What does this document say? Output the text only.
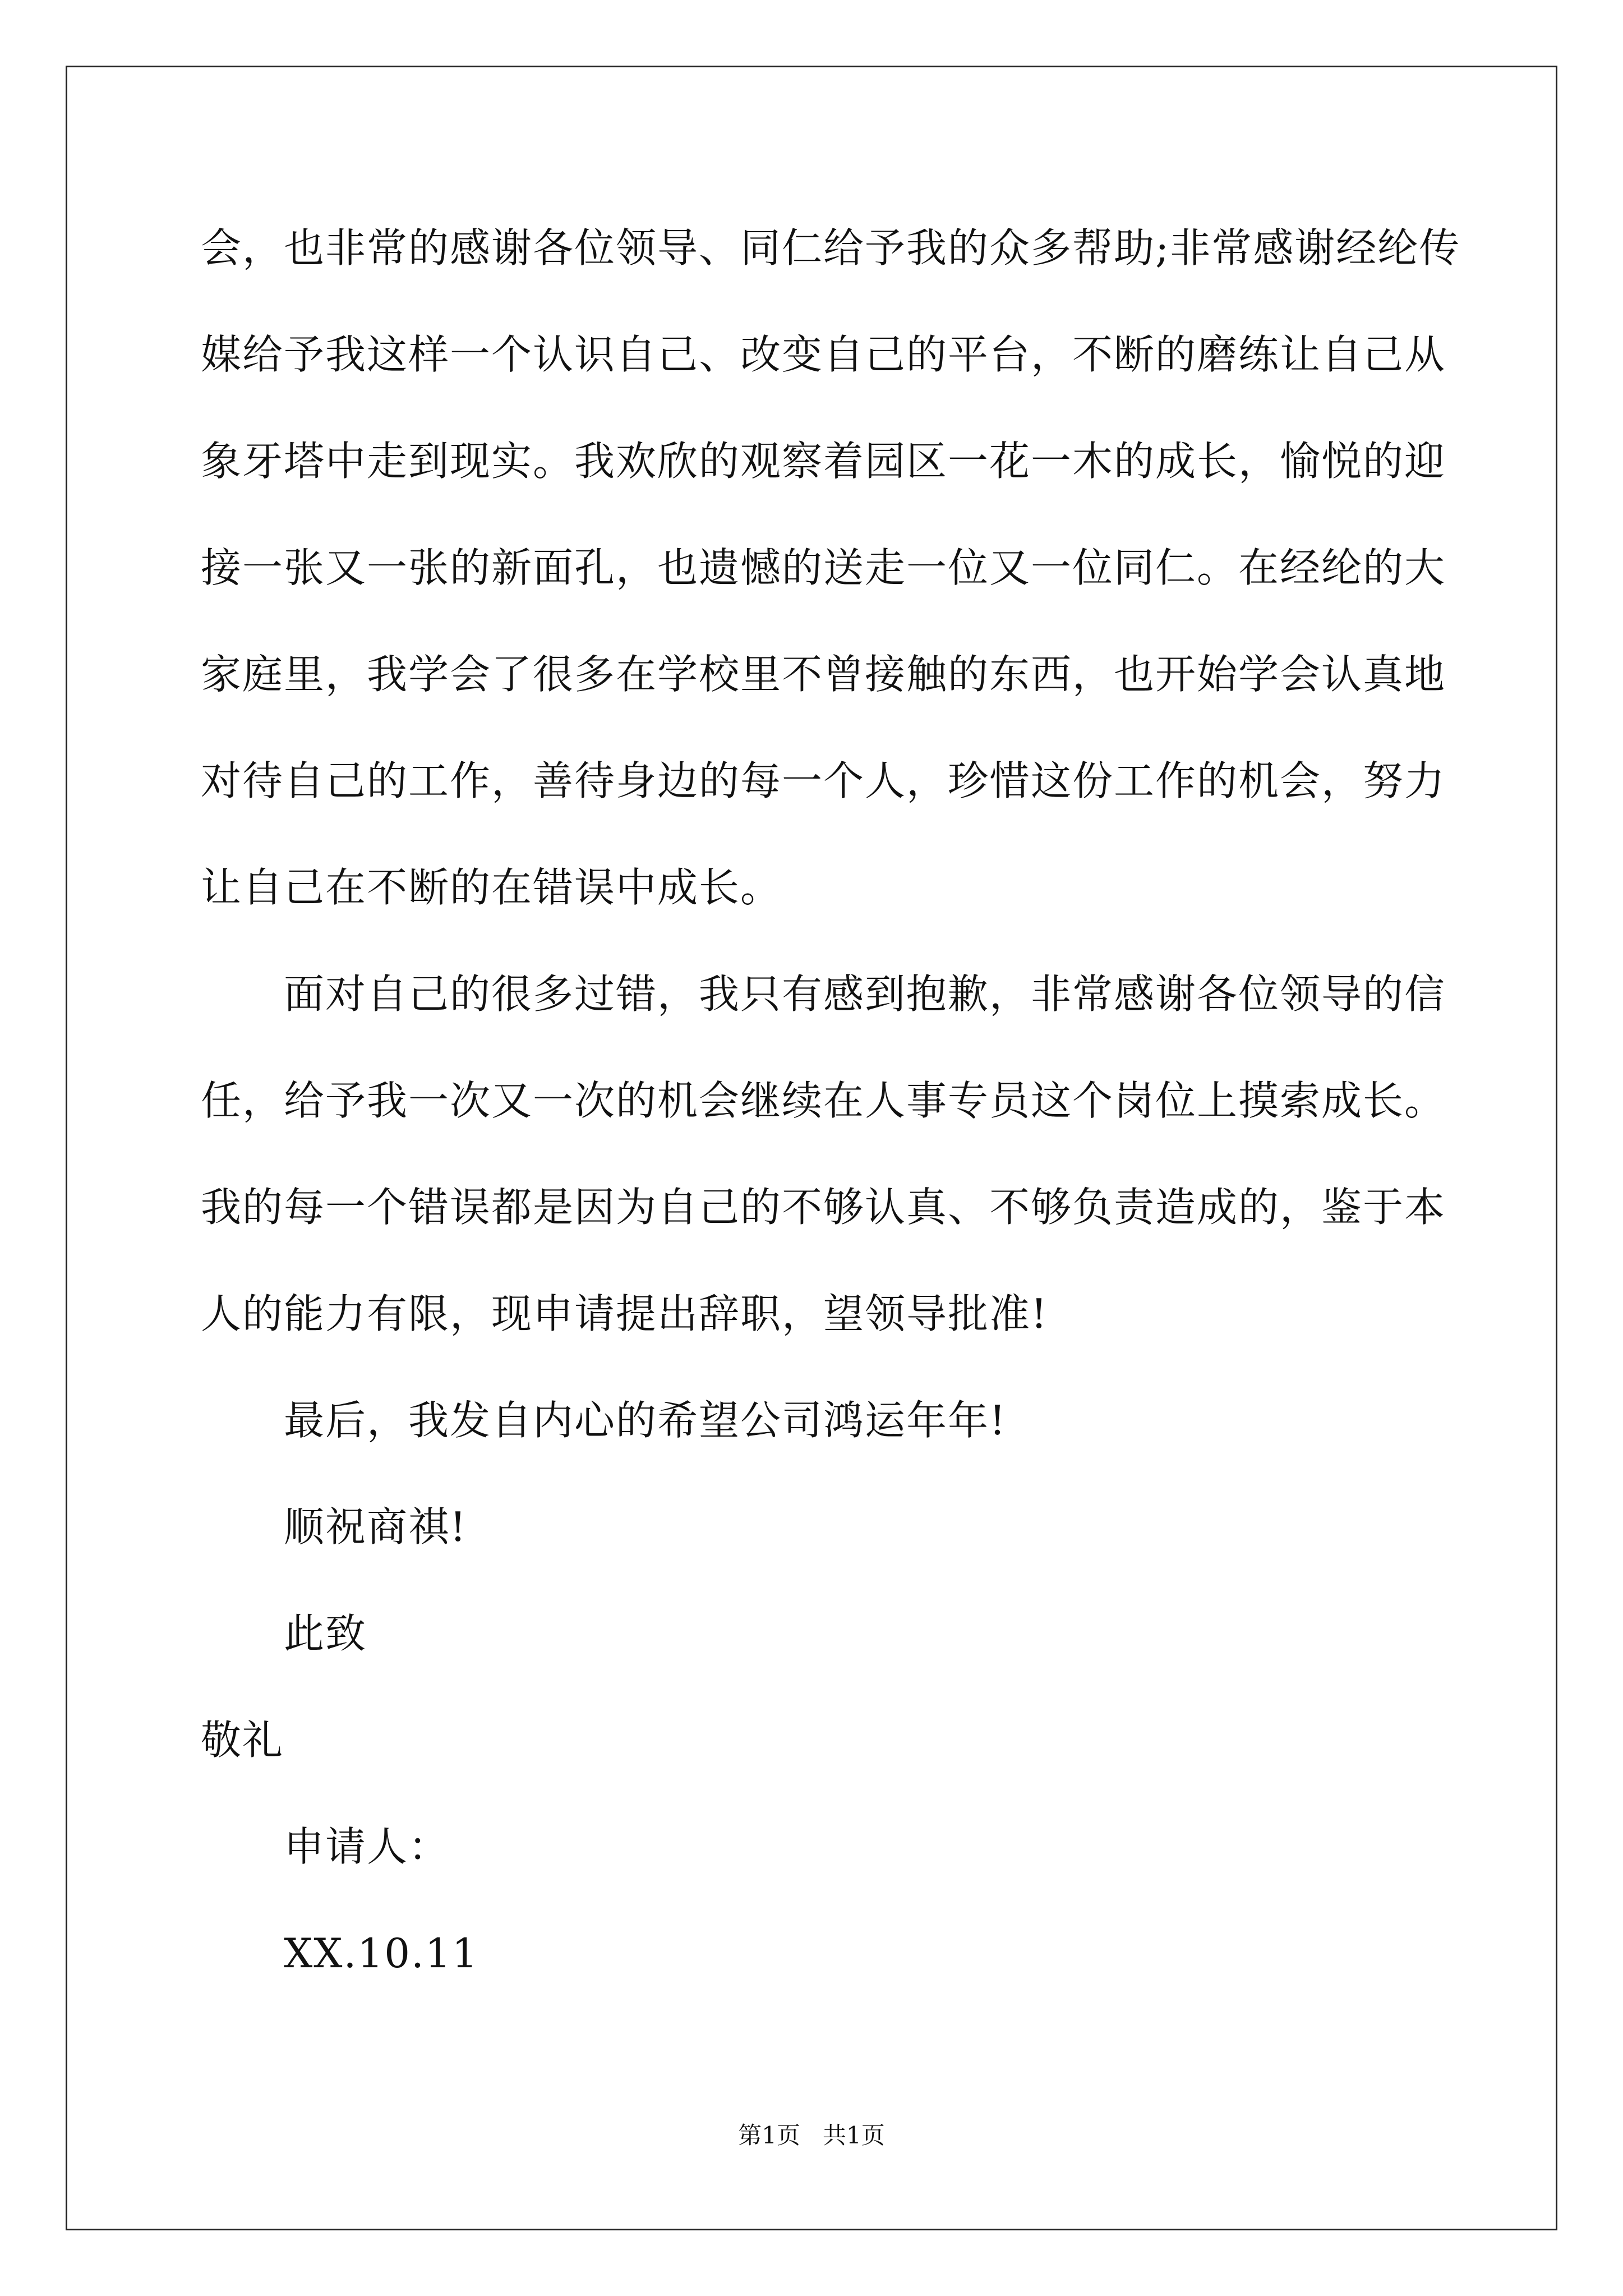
会，也非常的感谢各位领导、同仁给予我的众多帮助;非常感谢经纶传
媒给予我这样一个认识自己、改变自己的平台，不断的磨练让自己从
象牙塔中走到现实。我欢欣的观察着园区一花一木的成长，愉悦的迎
接一张又一张的新面孔，也遗憾的送走一位又一位同仁。在经纶的大
家庭里，我学会了很多在学校里不曾接触的东西，也开始学会认真地
对待自己的工作，善待身边的每一个人，珍惜这份工作的机会，努力
让自己在不断的在错误中成长。
面对自己的很多过错，我只有感到抱歉，非常感谢各位领导的信
任，给予我一次又一次的机会继续在人事专员这个岗位上摸索成长。
我的每一个错误都是因为自己的不够认真、不够负责造成的，鉴于本
人的能力有限，现申请提出辞职，望领导批准!
最后，我发自内心的希望公司鸿运年年!
顺祝商祺!
此致
敬礼
申请人：
XX.10.11
第1页   共1页
